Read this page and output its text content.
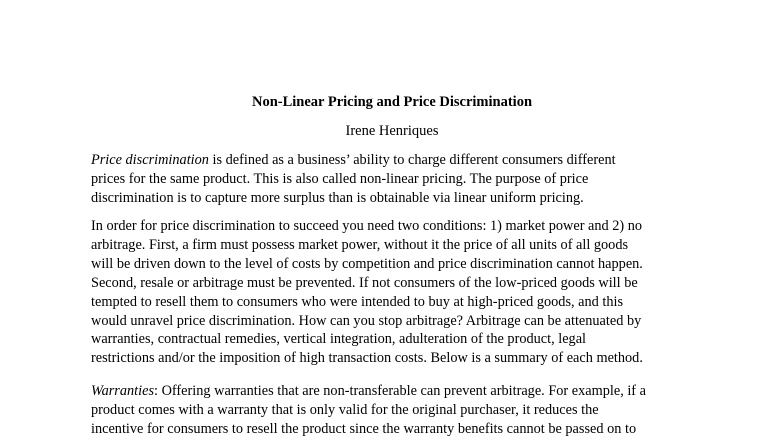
Non-Linear Pricing and Price Discrimination
Irene Henriques

Price discrimination is defined as a business’ ability to charge different consumers different
prices for the same product. This is also called non-linear pricing. The purpose of price
discrimination is to capture more surplus than is obtainable via linear uniform pricing.

In order for price discrimination to succeed you need two conditions: 1) market power and 2) no
arbitrage. First, a firm must possess market power, without it the price of all units of all goods
will be driven down to the level of costs by competition and price discrimination cannot happen.
Second, resale or arbitrage must be prevented. If not consumers of the low-priced goods will be
tempted to resell them to consumers who were intended to buy at high-priced goods, and this
would unravel price discrimination. How can you stop arbitrage? Arbitrage can be attenuated by
warranties, contractual remedies, vertical integration, adulteration of the product, legal
restrictions and/or the imposition of high transaction costs. Below is a summary of each method.

Warranties: Offering warranties that are non-transferable can prevent arbitrage. For example, if a
product comes with a warranty that is only valid for the original purchaser, it reduces the
incentive for consumers to resell the product since the warranty benefits cannot be passed on to
